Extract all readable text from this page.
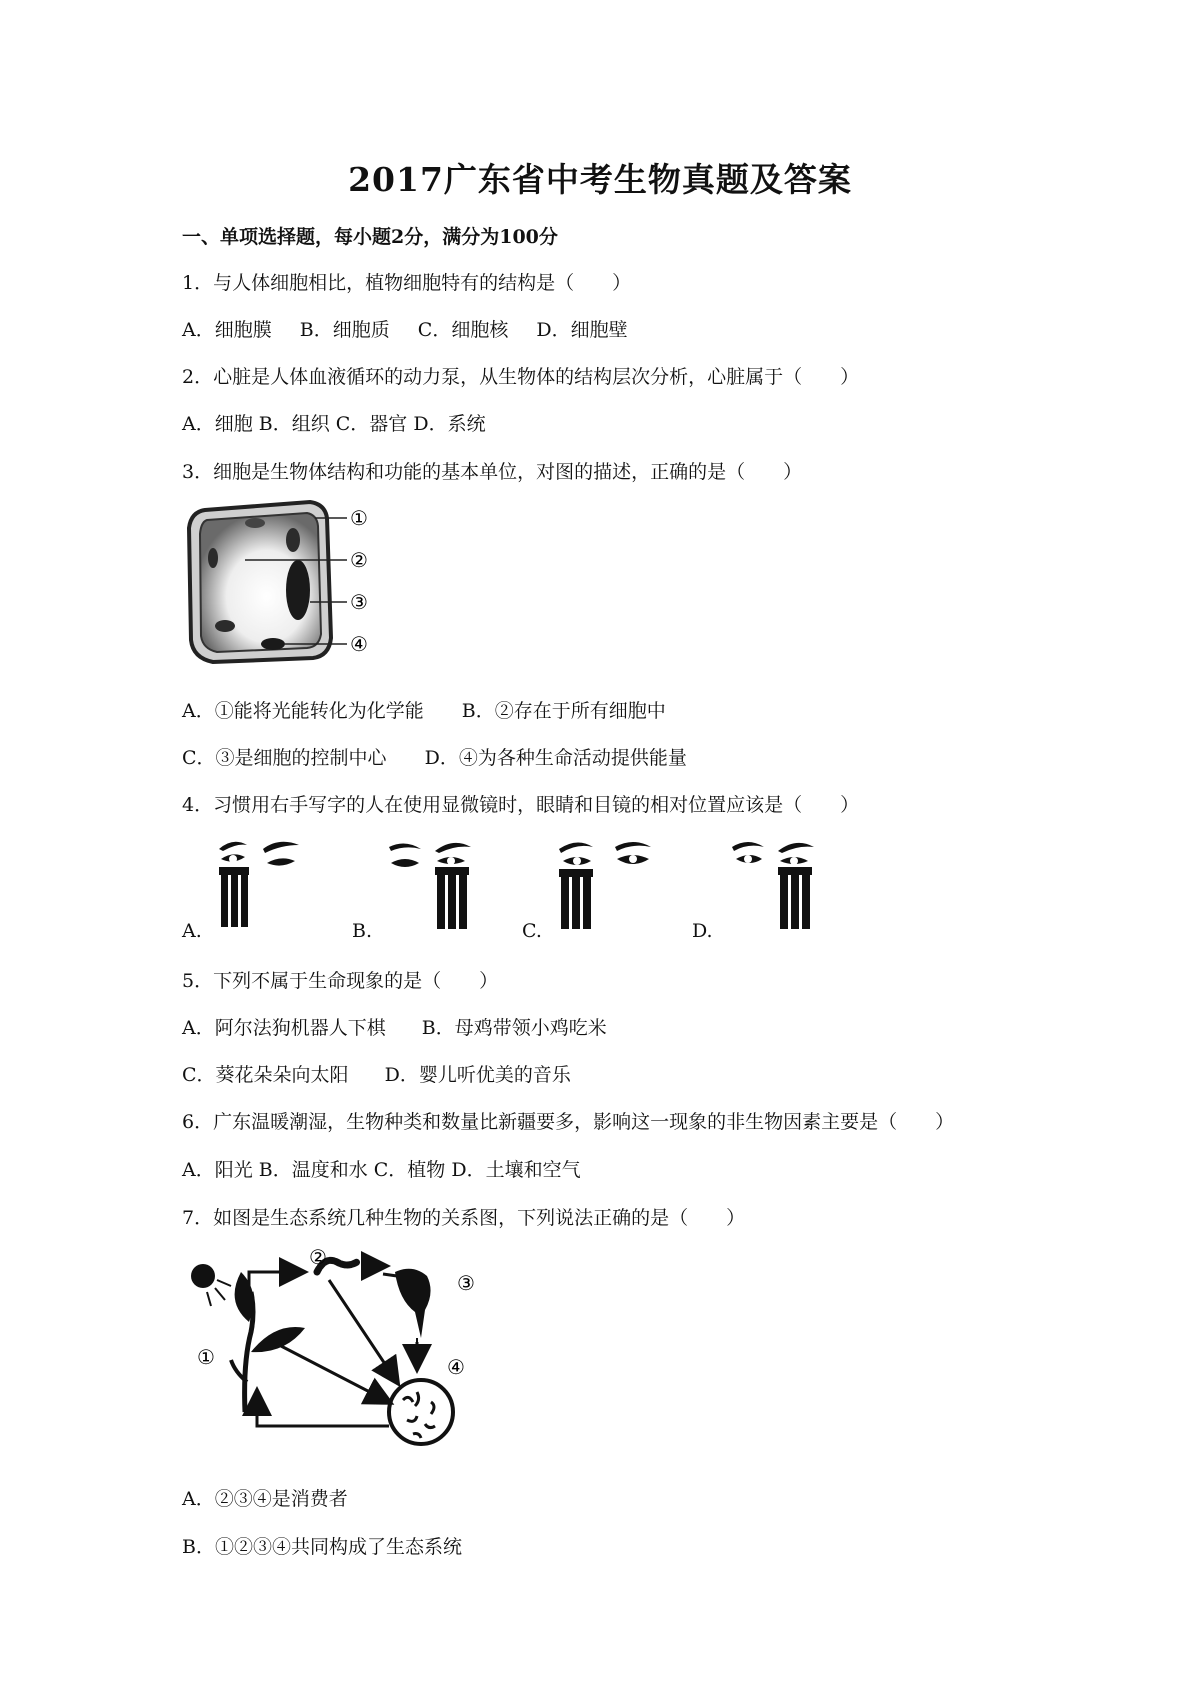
2017广东省中考生物真题及答案
一、单项选择题，每小题2分，满分为100分
1．与人体细胞相比，植物细胞特有的结构是（　　）
A．细胞膜 B．细胞质 C．细胞核 D．细胞壁
2．心脏是人体血液循环的动力泵，从生物体的结构层次分析，心脏属于（　　）
A．细胞 B．组织 C．器官 D．系统
3．细胞是生物体结构和功能的基本单位，对图的描述，正确的是（　　）
①
②
③
④
A．①能将光能转化为化学能 B．②存在于所有细胞中
C．③是细胞的控制中心 D．④为各种生命活动提供能量
4．习惯用右手写字的人在使用显微镜时，眼睛和目镜的相对位置应该是（　　）
A.	B.	C.	D.
5．下列不属于生命现象的是（　　）
A．阿尔法狗机器人下棋 B．母鸡带领小鸡吃米
C．葵花朵朵向太阳 D．婴儿听优美的音乐
6．广东温暖潮湿，生物种类和数量比新疆要多，影响这一现象的非生物因素主要是（　　）
A．阳光 B．温度和水 C．植物 D．土壤和空气
7．如图是生态系统几种生物的关系图，下列说法正确的是（　　）
①
②
③
④
A．②③④是消费者
B．①②③④共同构成了生态系统
